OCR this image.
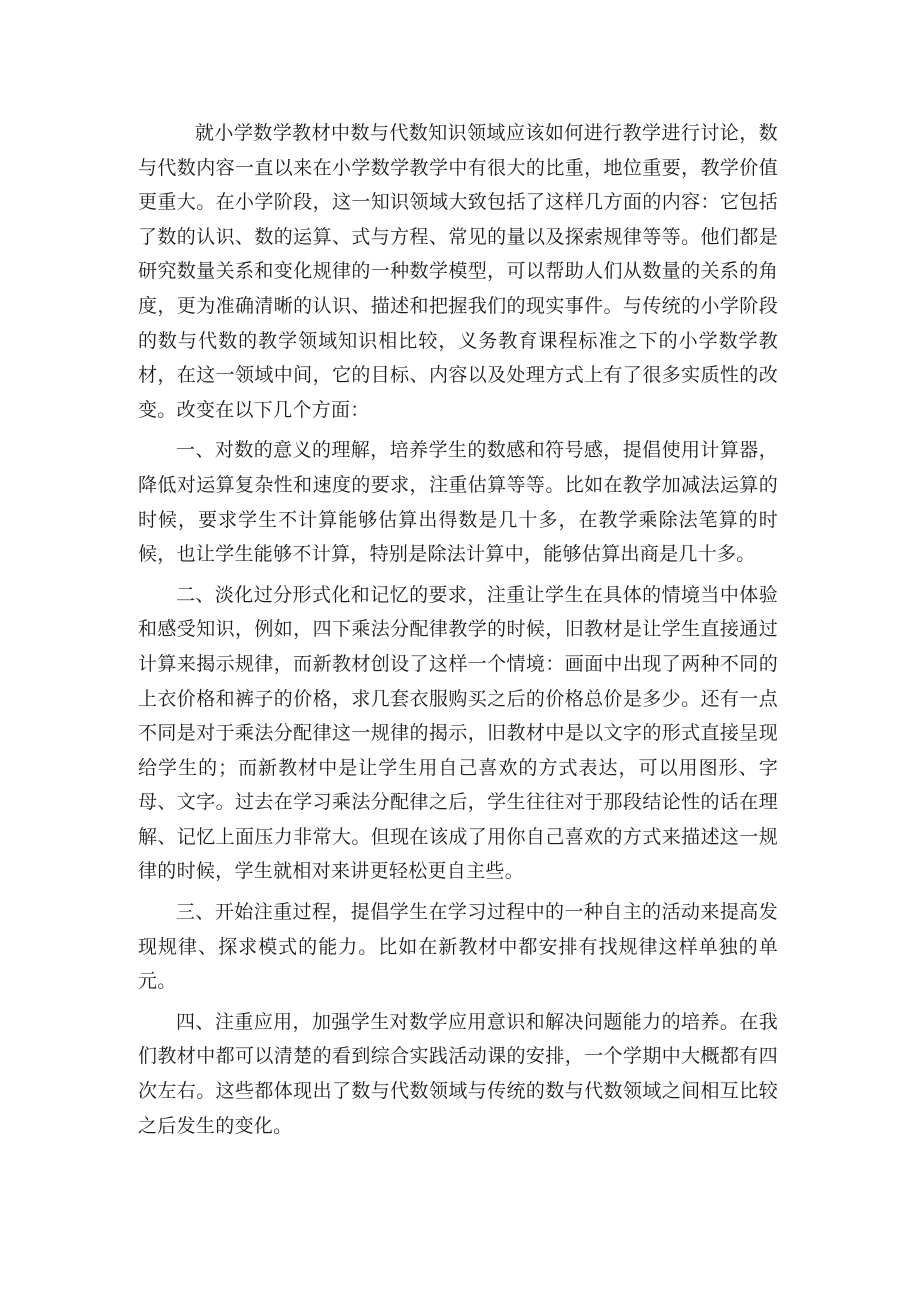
就小学数学教材中数与代数知识领域应该如何进行教学进行讨论，数与代数内容一直以来在小学数学教学中有很大的比重，地位重要，教学价值更重大。在小学阶段，这一知识领域大致包括了这样几方面的内容：它包括了数的认识、数的运算、式与方程、常见的量以及探索规律等等。他们都是研究数量关系和变化规律的一种数学模型，可以帮助人们从数量的关系的角度，更为准确清晰的认识、描述和把握我们的现实事件。与传统的小学阶段的数与代数的教学领域知识相比较，义务教育课程标准之下的小学数学教材，在这一领域中间，它的目标、内容以及处理方式上有了很多实质性的改变。改变在以下几个方面：

一、对数的意义的理解，培养学生的数感和符号感，提倡使用计算器，降低对运算复杂性和速度的要求，注重估算等等。比如在教学加减法运算的时候，要求学生不计算能够估算出得数是几十多，在教学乘除法笔算的时候，也让学生能够不计算，特别是除法计算中，能够估算出商是几十多。

二、淡化过分形式化和记忆的要求，注重让学生在具体的情境当中体验和感受知识，例如，四下乘法分配律教学的时候，旧教材是让学生直接通过计算来揭示规律，而新教材创设了这样一个情境：画面中出现了两种不同的上衣价格和裤子的价格，求几套衣服购买之后的价格总价是多少。还有一点不同是对于乘法分配律这一规律的揭示，旧教材中是以文字的形式直接呈现给学生的；而新教材中是让学生用自己喜欢的方式表达，可以用图形、字母、文字。过去在学习乘法分配律之后，学生往往对于那段结论性的话在理解、记忆上面压力非常大。但现在该成了用你自己喜欢的方式来描述这一规律的时候，学生就相对来讲更轻松更自主些。

三、开始注重过程，提倡学生在学习过程中的一种自主的活动来提高发现规律、探求模式的能力。比如在新教材中都安排有找规律这样单独的单元。

四、注重应用，加强学生对数学应用意识和解决问题能力的培养。在我们教材中都可以清楚的看到综合实践活动课的安排，一个学期中大概都有四次左右。这些都体现出了数与代数领域与传统的数与代数领域之间相互比较之后发生的变化。
